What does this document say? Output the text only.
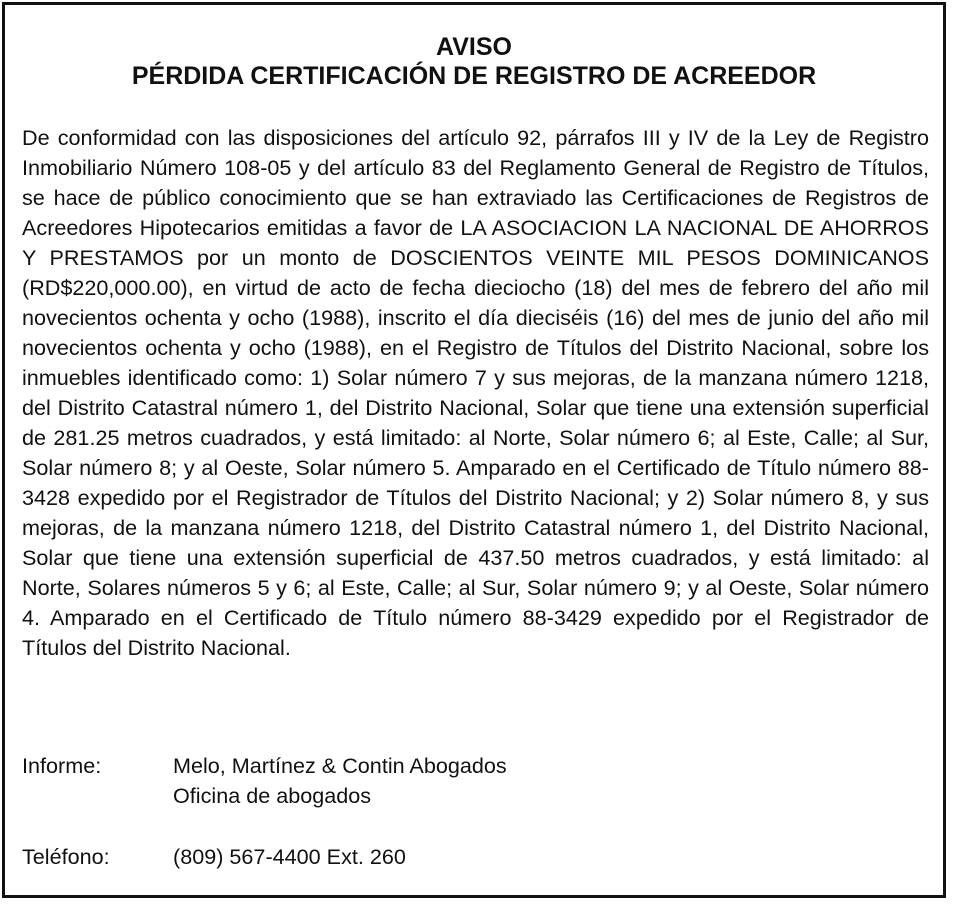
AVISO
PÉRDIDA CERTIFICACIÓN DE REGISTRO DE ACREEDOR

De conformidad con las disposiciones del artículo 92, párrafos III y IV de la Ley de Registro Inmobiliario Número 108-05 y del artículo 83 del Reglamento General de Registro de Títulos, se hace de público conocimiento que se han extraviado las Certificaciones de Registros de Acreedores Hipotecarios emitidas a favor de LA ASOCIACION LA NACIONAL DE AHORROS Y PRESTAMOS por un monto de DOSCIENTOS VEINTE MIL PESOS DOMINICANOS (RD$220,000.00), en virtud de acto de fecha dieciocho (18) del mes de febrero del año mil novecientos ochenta y ocho (1988), inscrito el día dieciséis (16) del mes de junio del año mil novecientos ochenta y ocho (1988), en el Registro de Títulos del Distrito Nacional, sobre los inmuebles identificado como: 1) Solar número 7 y sus mejoras, de la manzana número 1218, del Distrito Catastral número 1, del Distrito Nacional, Solar que tiene una extensión superficial de 281.25 metros cuadrados, y está limitado: al Norte, Solar número 6; al Este, Calle; al Sur, Solar número 8; y al Oeste, Solar número 5. Amparado en el Certificado de Título número 88-3428 expedido por el Registrador de Títulos del Distrito Nacional; y 2) Solar número 8, y sus mejoras, de la manzana número 1218, del Distrito Catastral número 1, del Distrito Nacional, Solar que tiene una extensión superficial de 437.50 metros cuadrados, y está limitado: al Norte, Solares números 5 y 6; al Este, Calle; al Sur, Solar número 9; y al Oeste, Solar número 4. Amparado en el Certificado de Título número 88-3429 expedido por el Registrador de Títulos del Distrito Nacional.

Informe:	Melo, Martínez & Contin Abogados
Oficina de abogados
Teléfono:	(809) 567-4400 Ext. 260
